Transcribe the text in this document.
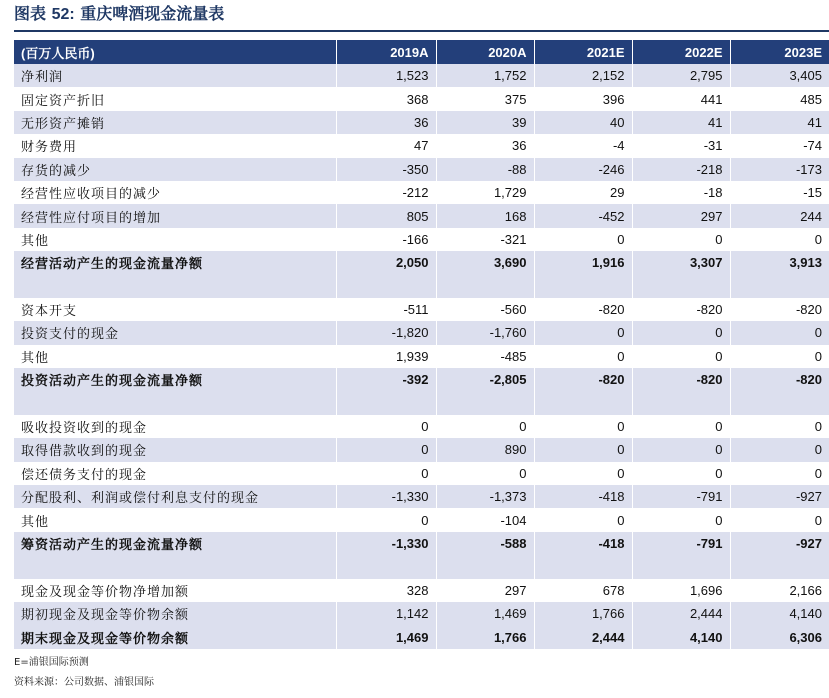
图表 52: 重庆啤酒现金流量表
(百万人民币)	2019A	2020A	2021E	2022E	2023E
净利润	1,523	1,752	2,152	2,795	3,405
固定资产折旧	368	375	396	441	485
无形资产摊销	36	39	40	41	41
财务费用	47	36	-4	-31	-74
存货的减少	-350	-88	-246	-218	-173
经营性应收项目的减少	-212	1,729	29	-18	-15
经营性应付项目的增加	805	168	-452	297	244
其他	-166	-321	0	0	0
经营活动产生的现金流量净额	2,050	3,690	1,916	3,307	3,913

资本开支	-511	-560	-820	-820	-820
投资支付的现金	-1,820	-1,760	0	0	0
其他	1,939	-485	0	0	0
投资活动产生的现金流量净额	-392	-2,805	-820	-820	-820

吸收投资收到的现金	0	0	0	0	0
取得借款收到的现金	0	890	0	0	0
偿还债务支付的现金	0	0	0	0	0
分配股利、利润或偿付利息支付的现金	-1,330	-1,373	-418	-791	-927
其他	0	-104	0	0	0
筹资活动产生的现金流量净额	-1,330	-588	-418	-791	-927

现金及现金等价物净增加额	328	297	678	1,696	2,166
期初现金及现金等价物余额	1,142	1,469	1,766	2,444	4,140
期末现金及现金等价物余额	1,469	1,766	2,444	4,140	6,306
E=浦银国际预测
资料来源：公司数据、浦银国际
